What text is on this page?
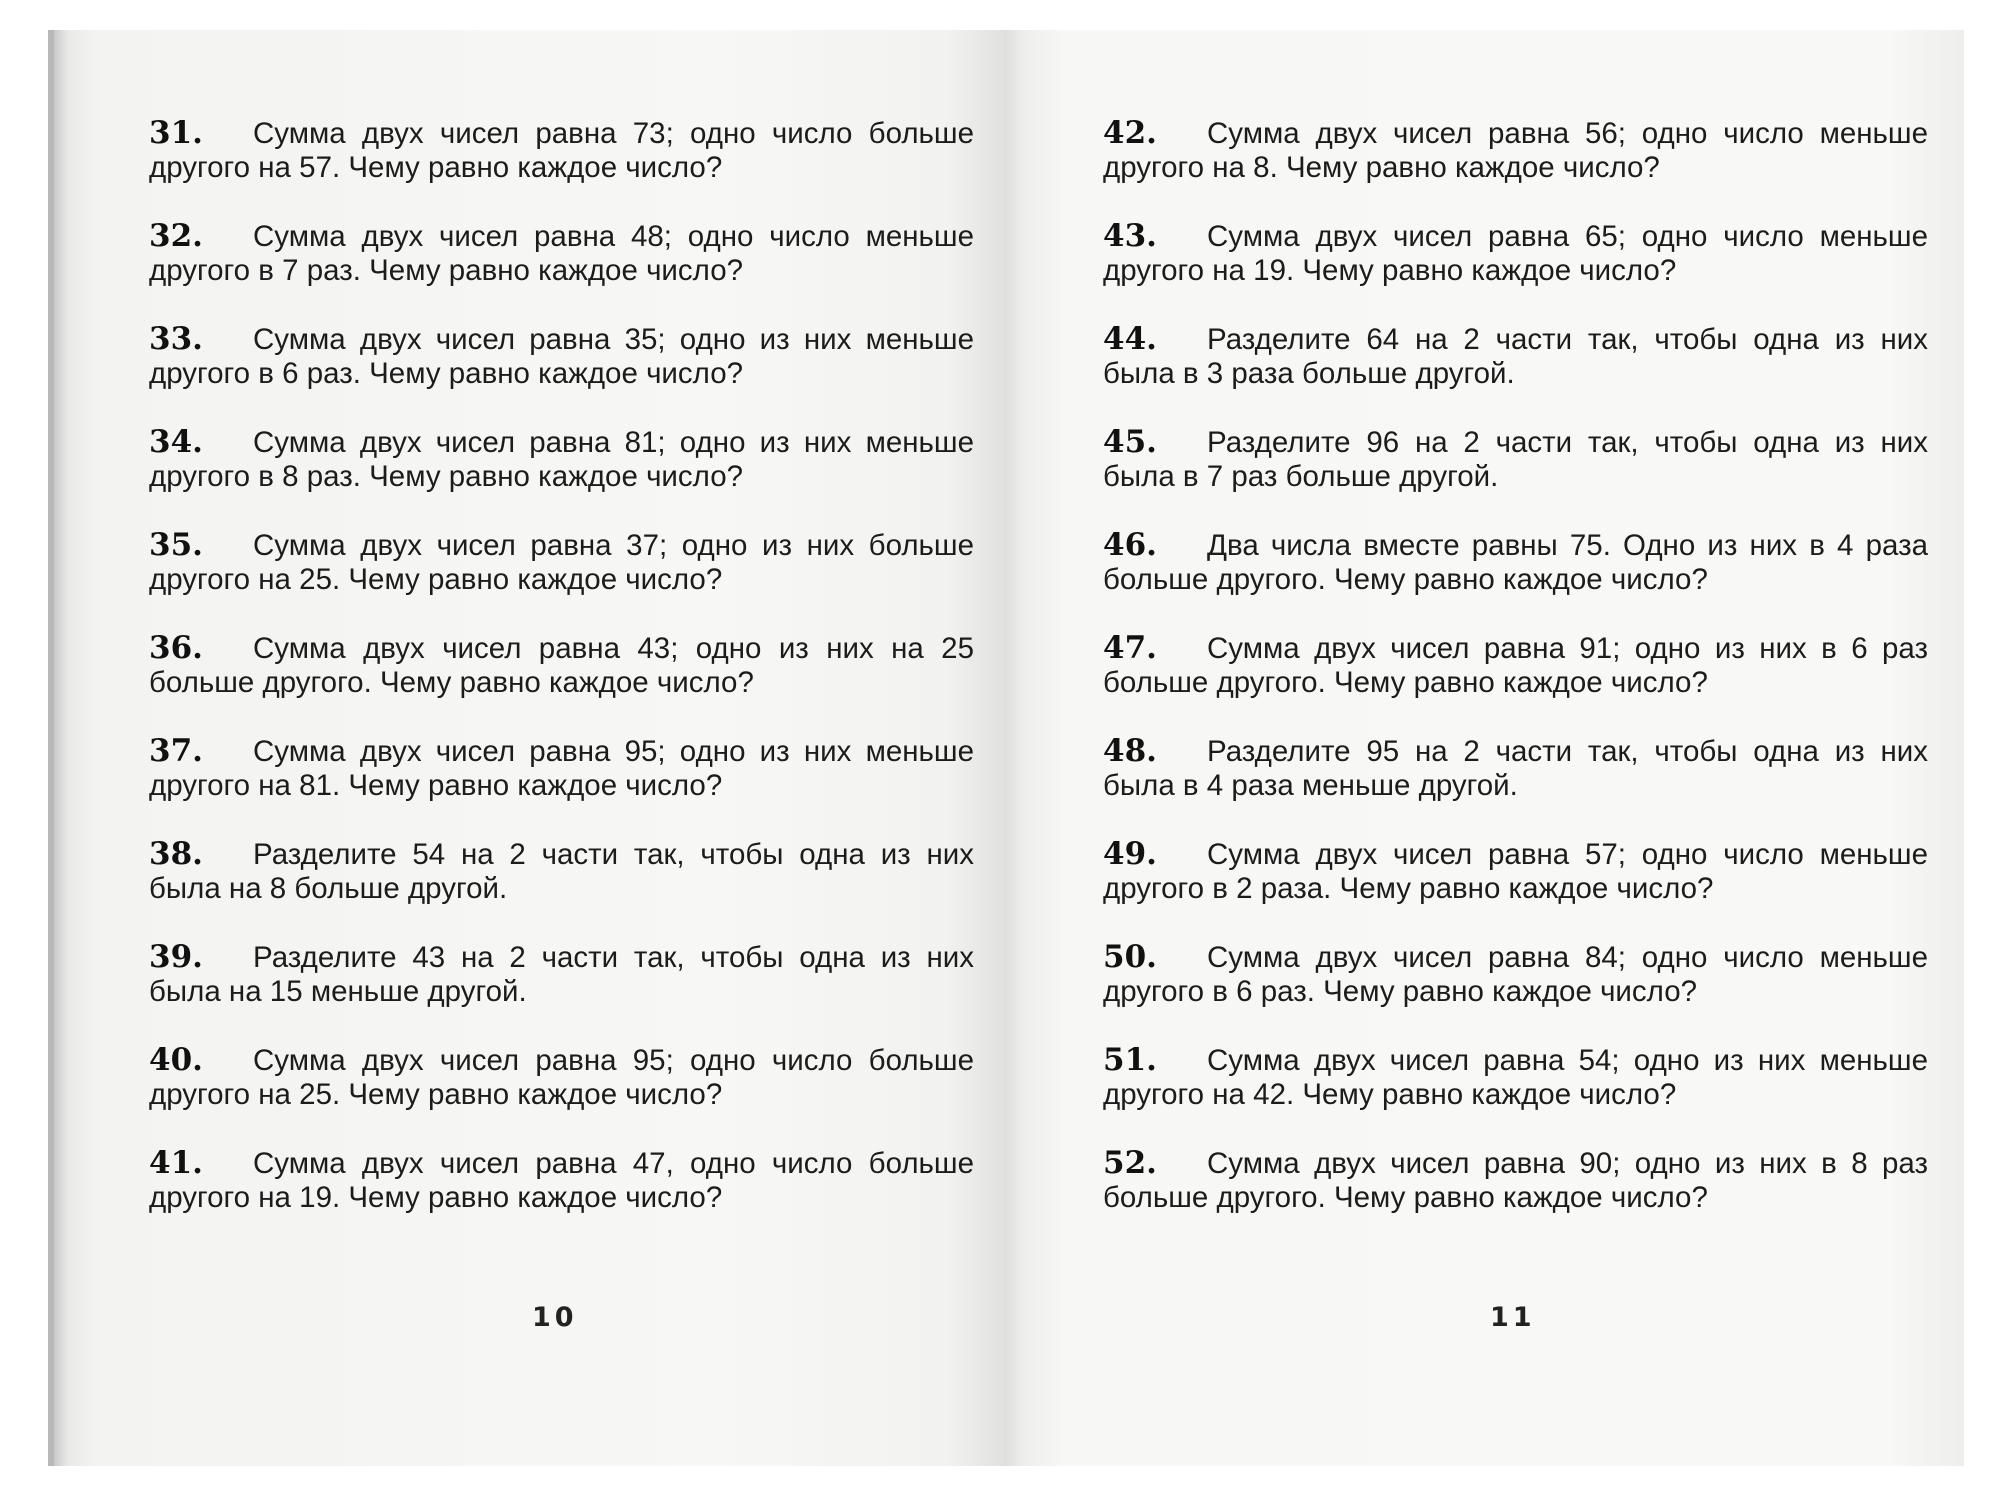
31. Сумма двух чисел равна 73; одно число больше другого на 57. Чему равно каждое число?
32. Сумма двух чисел равна 48; одно число меньше другого в 7 раз. Чему равно каждое число?
33. Сумма двух чисел равна 35; одно из них меньше другого в 6 раз. Чему равно каждое число?
34. Сумма двух чисел равна 81; одно из них меньше другого в 8 раз. Чему равно каждое число?
35. Сумма двух чисел равна 37; одно из них больше другого на 25. Чему равно каждое число?
36. Сумма двух чисел равна 43; одно из них на 25 больше другого. Чему равно каждое число?
37. Сумма двух чисел равна 95; одно из них меньше другого на 81. Чему равно каждое число?
38. Разделите 54 на 2 части так, чтобы одна из них была на 8 больше другой.
39. Разделите 43 на 2 части так, чтобы одна из них была на 15 меньше другой.
40. Сумма двух чисел равна 95; одно число больше другого на 25. Чему равно каждое число?
41. Сумма двух чисел равна 47, одно число больше другого на 19. Чему равно каждое число?
10
42. Сумма двух чисел равна 56; одно число меньше другого на 8. Чему равно каждое число?
43. Сумма двух чисел равна 65; одно число меньше другого на 19. Чему равно каждое число?
44. Разделите 64 на 2 части так, чтобы одна из них была в 3 раза больше другой.
45. Разделите 96 на 2 части так, чтобы одна из них была в 7 раз больше другой.
46. Два числа вместе равны 75. Одно из них в 4 раза больше другого. Чему равно каждое число?
47. Сумма двух чисел равна 91; одно из них в 6 раз больше другого. Чему равно каждое число?
48. Разделите 95 на 2 части так, чтобы одна из них была в 4 раза меньше другой.
49. Сумма двух чисел равна 57; одно число меньше другого в 2 раза. Чему равно каждое число?
50. Сумма двух чисел равна 84; одно число меньше другого в 6 раз. Чему равно каждое число?
51. Сумма двух чисел равна 54; одно из них меньше другого на 42. Чему равно каждое число?
52. Сумма двух чисел равна 90; одно из них в 8 раз больше другого. Чему равно каждое число?
11
